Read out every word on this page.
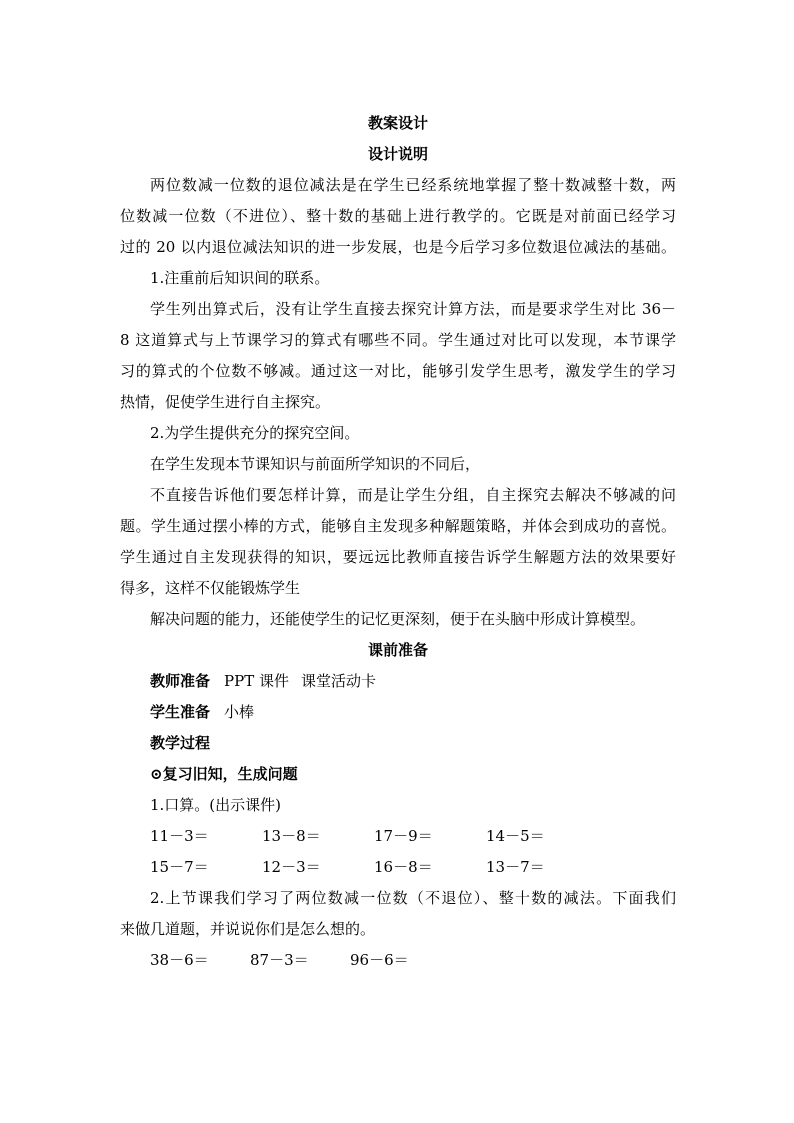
教案设计
设计说明
两位数减一位数的退位减法是在学生已经系统地掌握了整十数减整十数，两
位数减一位数（不进位）、整十数的基础上进行教学的。它既是对前面已经学习
过的 20 以内退位减法知识的进一步发展，也是今后学习多位数退位减法的基础。
1.注重前后知识间的联系。
学生列出算式后，没有让学生直接去探究计算方法，而是要求学生对比 36－
8 这道算式与上节课学习的算式有哪些不同。学生通过对比可以发现，本节课学
习的算式的个位数不够减。通过这一对比，能够引发学生思考，激发学生的学习
热情，促使学生进行自主探究。
2.为学生提供充分的探究空间。
在学生发现本节课知识与前面所学知识的不同后，
不直接告诉他们要怎样计算，而是让学生分组，自主探究去解决不够减的问
题。学生通过摆小棒的方式，能够自主发现多种解题策略，并体会到成功的喜悦。
学生通过自主发现获得的知识，要远远比教师直接告诉学生解题方法的效果要好
得多，这样不仅能锻炼学生
解决问题的能力，还能使学生的记忆更深刻，便于在头脑中形成计算模型。
课前准备
教师准备 PPT 课件 课堂活动卡
学生准备 小棒
教学过程
⊙复习旧知，生成问题
1.口算。(出示课件)
11－3＝	13－8＝	17－9＝	14－5＝
15－7＝	12－3＝	16－8＝	13－7＝
2.上节课我们学习了两位数减一位数（不退位）、整十数的减法。下面我们
来做几道题，并说说你们是怎么想的。
38－6＝	87－3＝	96－6＝
